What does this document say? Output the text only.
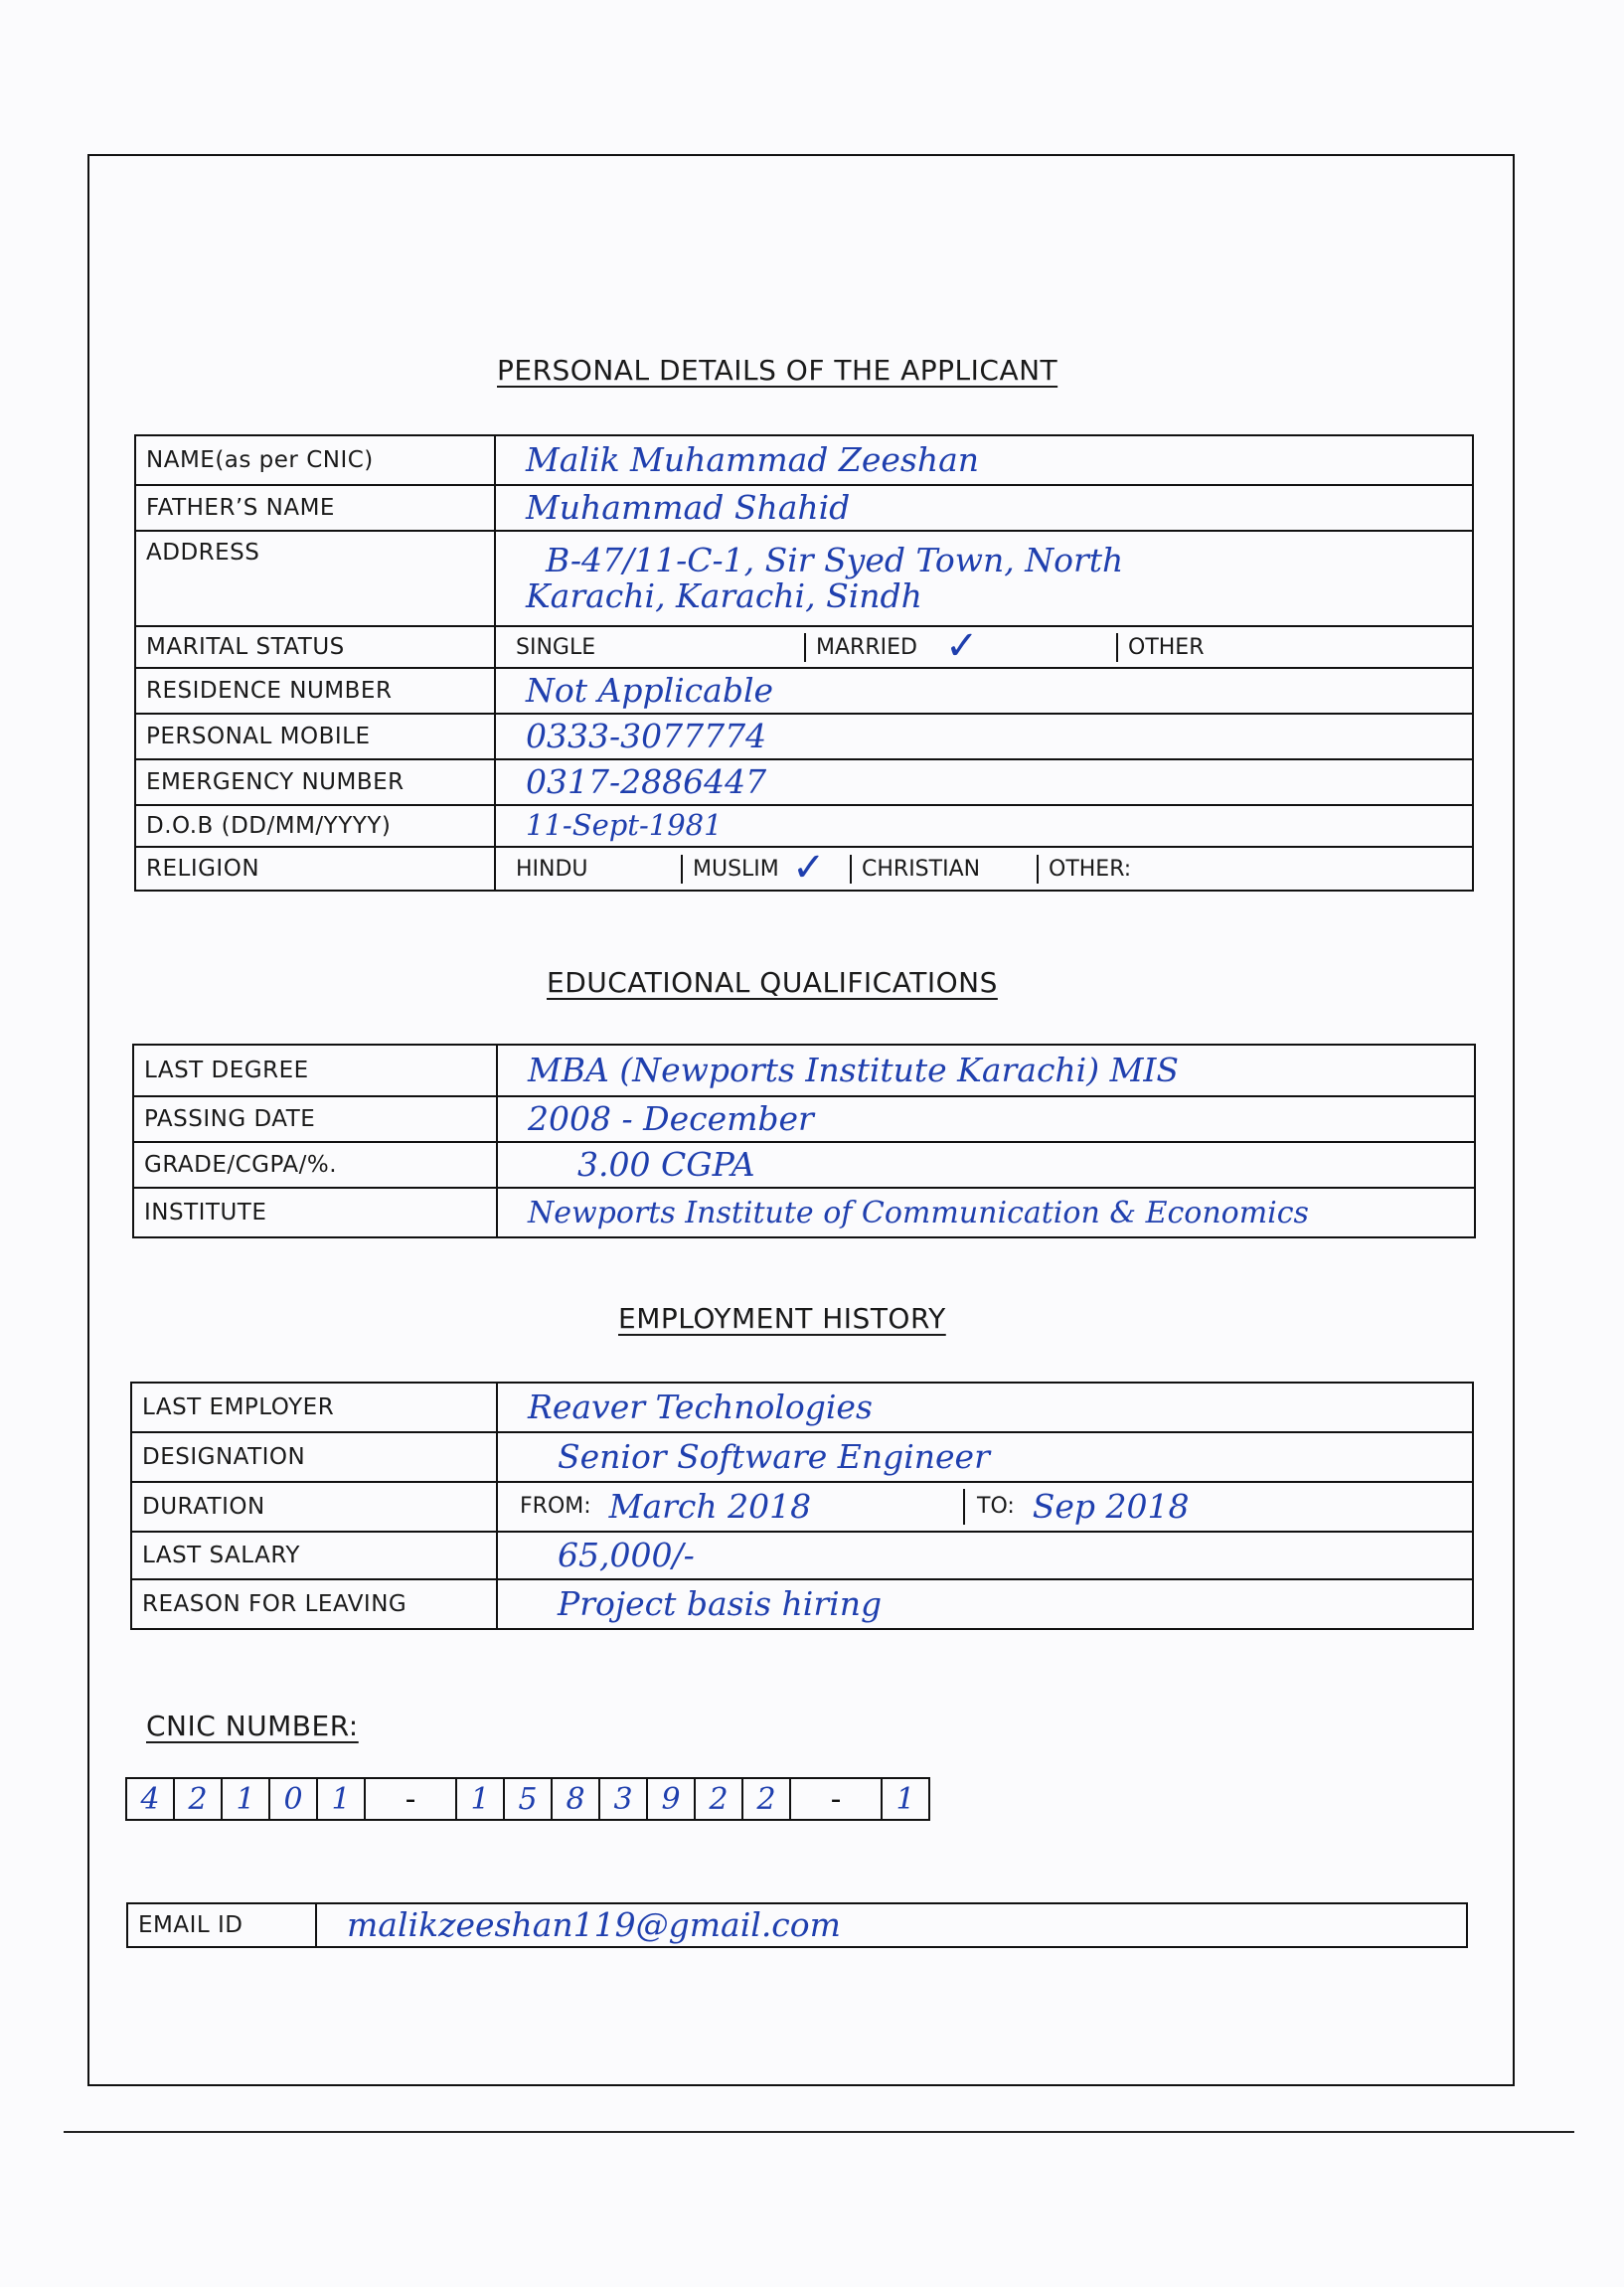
PERSONAL DETAILS OF THE APPLICANT
NAME(as per CNIC)	Malik Muhammad Zeeshan

FATHER’S NAME	Muhammad Shahid

ADDRESS	B-47/11-C-1, Sir Syed Town, North
Karachi, Karachi, Sindh

MARITAL STATUS	SINGLE MARRIED ✓ OTHER

RESIDENCE NUMBER	Not Applicable

PERSONAL MOBILE	0333-3077774

EMERGENCY NUMBER	0317-2886447

D.O.B (DD/MM/YYYY)	11-Sept-1981

RELIGION	HINDU MUSLIM ✓ CHRISTIAN OTHER:
EDUCATIONAL QUALIFICATIONS
LAST DEGREE	MBA (Newports Institute Karachi) MIS

PASSING DATE	2008 - December

GRADE/CGPA/%.	3.00 CGPA

INSTITUTE	Newports Institute of Communication & Economics
EMPLOYMENT HISTORY
LAST EMPLOYER	Reaver Technologies

DESIGNATION	Senior Software Engineer

DURATION	FROM: March 2018 TO: Sep 2018

LAST SALARY	65,000/-

REASON FOR LEAVING	Project basis hiring
CNIC NUMBER:
4 2 1 0 1	-	1 5 8 3 9 2 2	-	1
EMAIL ID	malikzeeshan119@gmail.com
